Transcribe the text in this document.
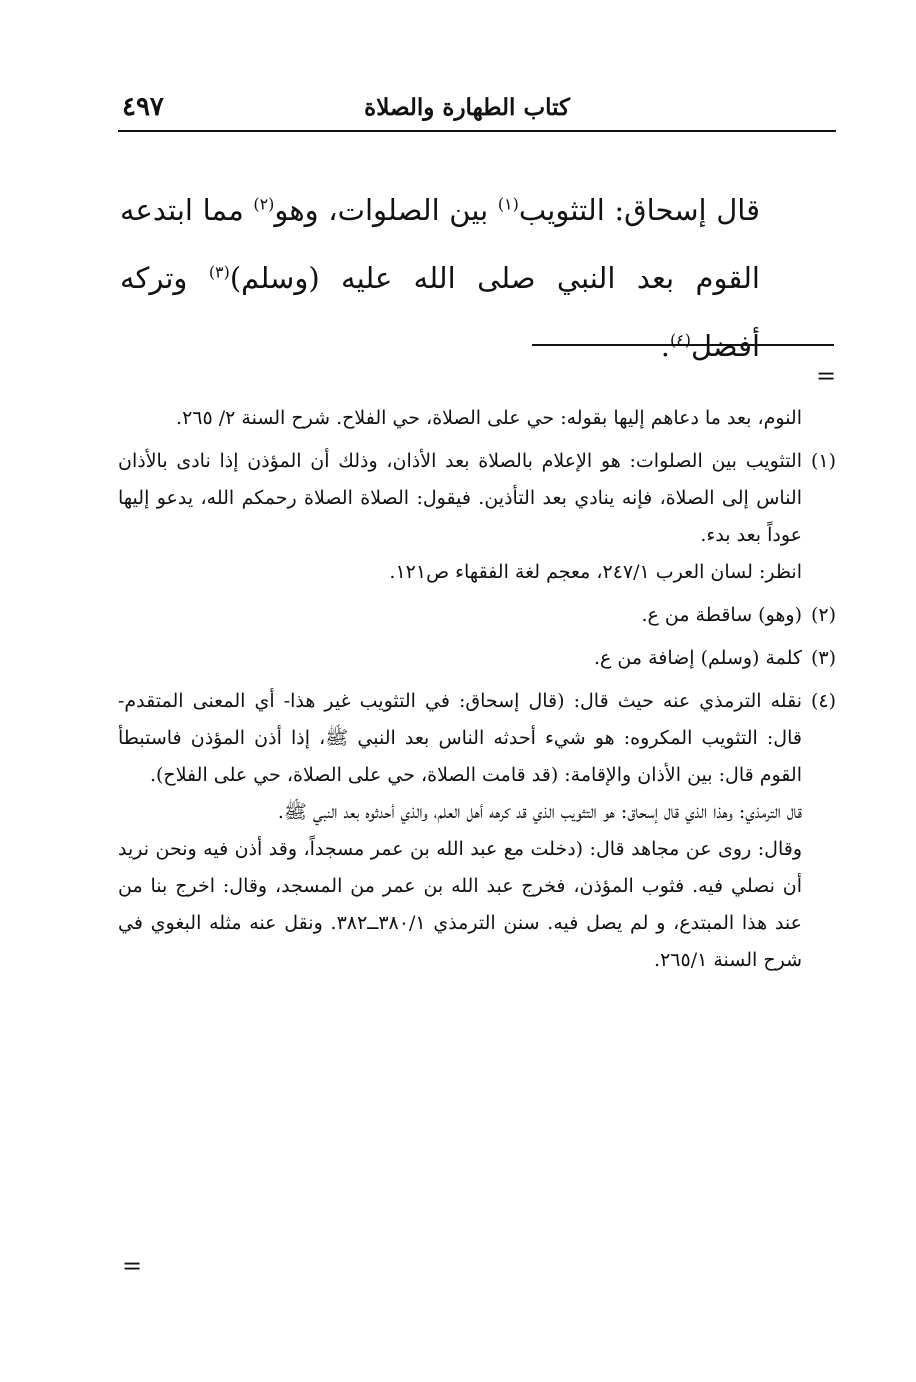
٤٩٧	كتاب الطهارة والصلاة
قال إسحاق: التثويب$^{(١)}$ بين الصلوات، وهو$^{(٢)}$ مما ابتدعه القوم بعد النبي صلى الله عليه (وسلم)$^{(٣)}$ وتركه أفضل$^{(٤)}$.
=

النوم، بعد ما دعاهم إليها بقوله: حي على الصلاة، حي الفلاح. شرح السنة ٢/ ٢٦٥.

(١)
التثويب بين الصلوات: هو الإعلام بالصلاة بعد الأذان، وذلك أن المؤذن إذا نادى بالأذان الناس إلى الصلاة، فإنه ينادي بعد التأذين. فيقول: الصلاة الصلاة رحمكم الله، يدعو إليها عوداً بعد بدء.
انظر: لسان العرب ٢٤٧/١، معجم لغة الفقهاء ص١٢١.
(٢)
(وهو) ساقطة من ع.
(٣)
كلمة (وسلم) إضافة من ع.
(٤)
نقله الترمذي عنه حيث قال: (قال إسحاق: في التثويب غير هذا- أي المعنى المتقدم- قال: التثويب المكروه: هو شيء أحدثه الناس بعد النبي ﷺ، إذا أذن المؤذن فاستبطأ القوم قال: بين الأذان والإقامة: (قد قامت الصلاة، حي على الصلاة، حي على الفلاح).
قال الترمذي: وهذا الذي قال إسحاق: هو التثويب الذي قد كرهه أهل العلم، والذي أحدثوه بعد النبي ﷺ.
وقال: روى عن مجاهد قال: (دخلت مع عبد الله بن عمر مسجداً، وقد أذن فيه ونحن نريد أن نصلي فيه. فثوب المؤذن، فخرج عبد الله بن عمر من المسجد، وقال: اخرج بنا من عند هذا المبتدع، و لم يصل فيه. سنن الترمذي ٣٨٠/١ــ٣٨٢. ونقل عنه مثله البغوي في شرح السنة ٢٦٥/١.
=
